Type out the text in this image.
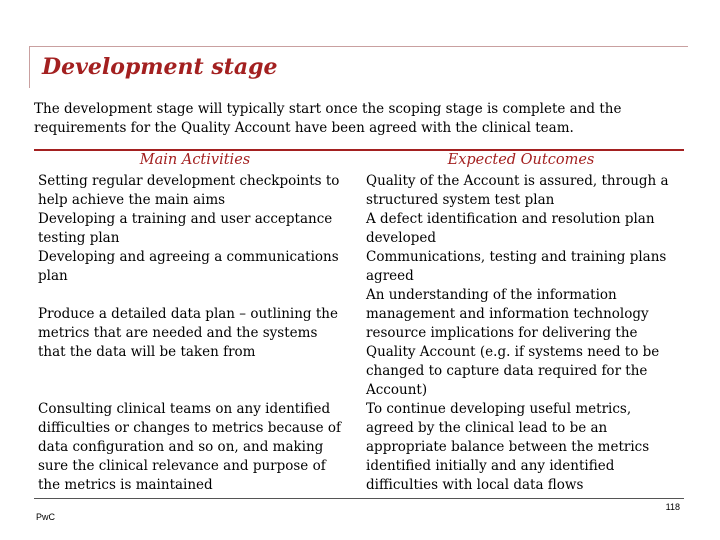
Development stage
The development stage will typically start once the scoping stage is complete and the
requirements for the Quality Account have been agreed with the clinical team.
Main Activities	Expected Outcomes
Setting regular development checkpoints to
help achieve the main aims
Developing a training and user acceptance
testing plan
Developing and agreeing a communications
plan
Produce a detailed data plan – outlining the
metrics that are needed and the systems
that the data will be taken from
Consulting clinical teams on any identified
difficulties or changes to metrics because of
data configuration and so on, and making
sure the clinical relevance and purpose of
the metrics is maintained
Quality of the Account is assured, through a
structured system test plan
A defect identification and resolution plan
developed
Communications, testing and training plans
agreed
An understanding of the information
management and information technology
resource implications for delivering the
Quality Account (e.g. if systems need to be
changed to capture data required for the
Account)
To continue developing useful metrics,
agreed by the clinical lead to be an
appropriate balance between the metrics
identified initially and any identified
difficulties with local data flows
PwC
118
